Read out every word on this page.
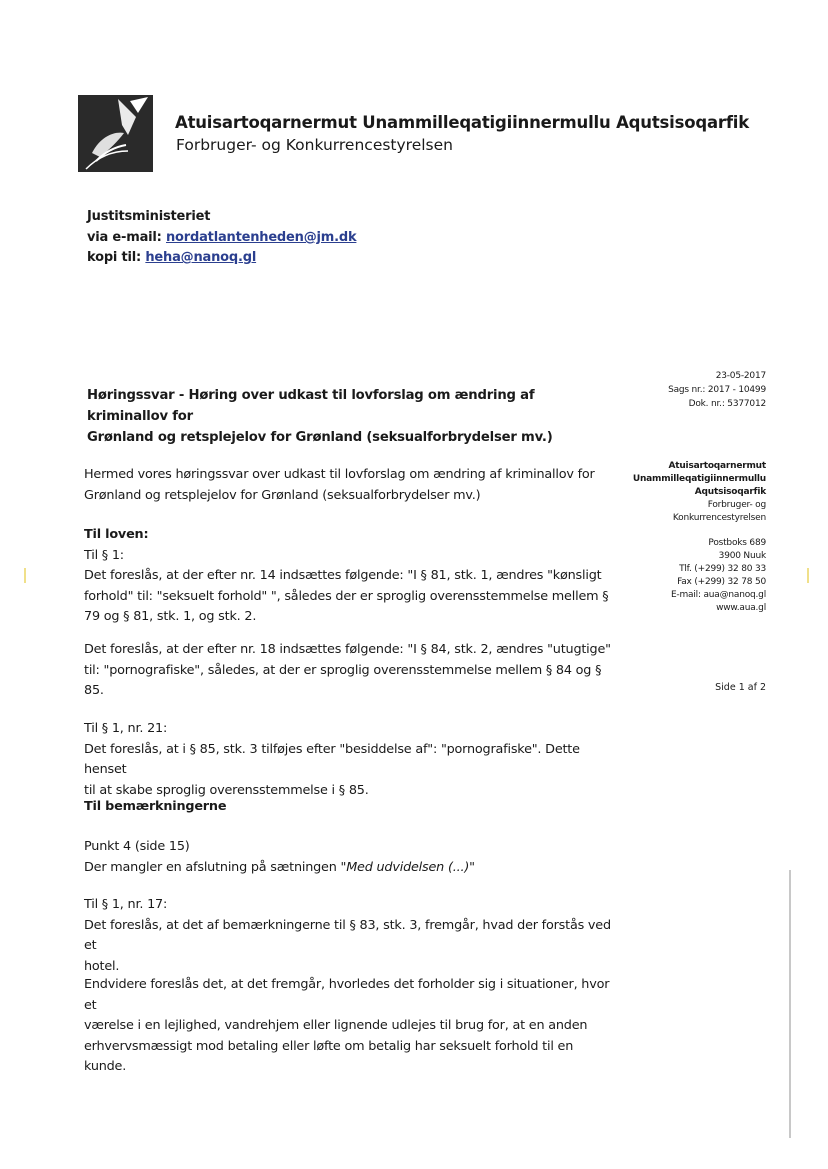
Atuisartoqarnermut Unammilleqatigiinnermullu Aqutsisoqarfik
Forbruger- og Konkurrencestyrelsen
Justitsministeriet
via e-mail: nordatlantenheden@jm.dk
kopi til: heha@nanoq.gl
23-05-2017
Sags nr.: 2017 - 10499
Dok. nr.: 5377012
Høringssvar - Høring over udkast til lovforslag om ændring af kriminallov for
Grønland og retsplejelov for Grønland (seksualforbrydelser mv.)
Atuisartoqarnermut
Unammilleqatigiinnermullu
Aqutsisoqarfik
Forbruger- og
Konkurrencestyrelsen
Postboks 689
3900 Nuuk
Tlf. (+299) 32 80 33
Fax (+299) 32 78 50
E-mail: aua@nanoq.gl
www.aua.gl
Side 1 af 2

Hermed vores høringssvar over udkast til lovforslag om ændring af kriminallov for

Grønland og retsplejelov for Grønland (seksualforbrydelser mv.)

Til loven:

Til § 1:

Det foreslås, at der efter nr. 14 indsættes følgende: "I § 81, stk. 1, ændres "kønsligt

forhold" til: "seksuelt forhold" ", således der er sproglig overensstemmelse mellem §

79 og § 81, stk. 1, og stk. 2.

Det foreslås, at der efter nr. 18 indsættes følgende: "I § 84, stk. 2, ændres "utugtige"

til: "pornografiske", således, at der er sproglig overensstemmelse mellem § 84 og §

85.

Til § 1, nr. 21:

Det foreslås, at i § 85, stk. 3 tilføjes efter "besiddelse af": "pornografiske". Dette henset

til at skabe sproglig overensstemmelse i § 85.

Til bemærkningerne

Punkt 4 (side 15)

Der mangler en afslutning på sætningen "Med udvidelsen (...)"

Til § 1, nr. 17:

Det foreslås, at det af bemærkningerne til § 83, stk. 3, fremgår, hvad der forstås ved et

hotel.

Endvidere foreslås det, at det fremgår, hvorledes det forholder sig i situationer, hvor et

værelse i en lejlighed, vandrehjem eller lignende udlejes til brug for, at en anden

erhvervsmæssigt mod betaling eller løfte om betalig har seksuelt forhold til en kunde.
